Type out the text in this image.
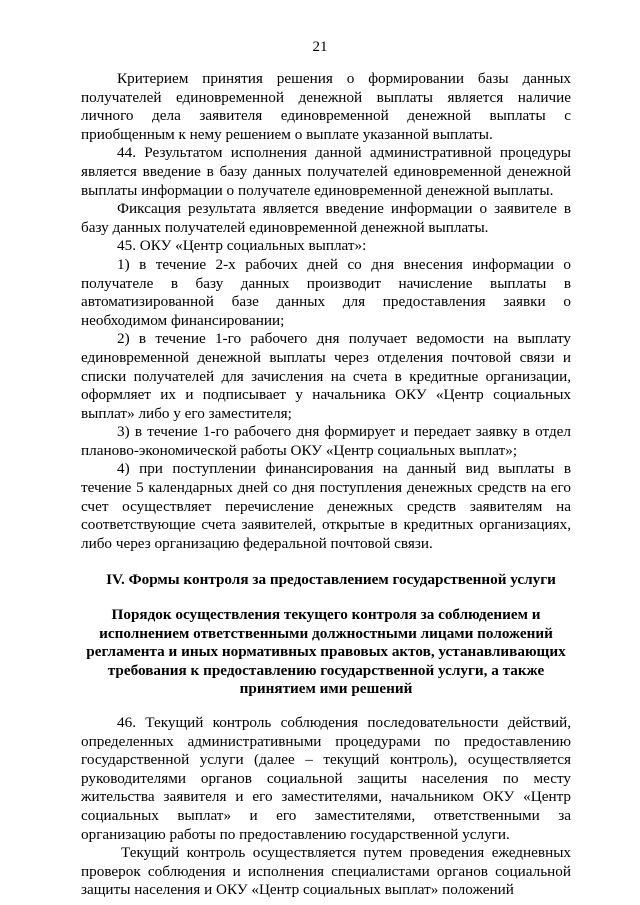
21

Критерием принятия решения о формировании базы данных получателей единовременной денежной выплаты является наличие личного дела заявителя единовременной денежной выплаты с приобщенным к нему решением о выплате указанной выплаты.

44. Результатом исполнения данной административной процедуры является введение в базу данных получателей единовременной денежной выплаты информации о получателе единовременной денежной выплаты.

Фиксация результата является введение информации о заявителе в базу данных получателей единовременной денежной выплаты.

45. ОКУ «Центр социальных выплат»:

1) в течение 2-х рабочих дней со дня внесения информации о получателе в базу данных производит начисление выплаты в автоматизированной базе данных для предоставления заявки о необходимом финансировании;

2) в течение 1-го рабочего дня получает ведомости на выплату единовременной денежной выплаты через отделения почтовой связи и списки получателей для зачисления на счета в кредитные организации, оформляет их и подписывает у начальника ОКУ «Центр социальных выплат» либо у его заместителя;

3) в течение 1-го рабочего дня формирует и передает заявку в отдел планово-экономической работы ОКУ «Центр социальных выплат»;

4) при поступлении финансирования на данный вид выплаты в течение 5 календарных дней со дня поступления денежных средств на его счет осуществляет перечисление денежных средств заявителям на соответствующие счета заявителей, открытые в кредитных организациях, либо через организацию федеральной почтовой связи.

IV. Формы контроля за предоставлением государственной услуги
Порядок осуществления текущего контроля за соблюдением и
исполнением ответственными должностными лицами положений
регламента и иных нормативных правовых актов, устанавливающих
требования к предоставлению государственной услуги, а также
принятием ими решений

46. Текущий контроль соблюдения последовательности действий, определенных административными процедурами по предоставлению государственной услуги (далее – текущий контроль), осуществляется руководителями органов социальной защиты населения по месту жительства заявителя и его заместителями, начальником ОКУ «Центр социальных выплат» и его заместителями, ответственными за организацию работы по предоставлению государственной услуги.

Текущий контроль осуществляется путем проведения ежедневных проверок соблюдения и исполнения специалистами органов социальной защиты населения и ОКУ «Центр социальных выплат» положений
